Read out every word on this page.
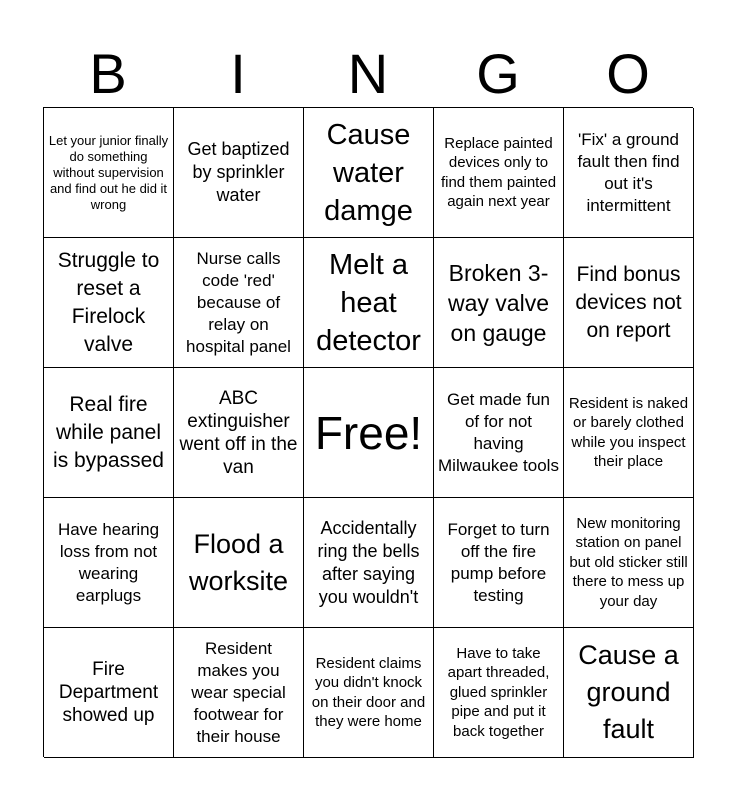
B	I	N	G	O
Let your junior finally do something without supervision and find out he did it wrong
Get baptized by sprinkler water
Cause water damge
Replace painted devices only to find them painted again next year
'Fix' a ground fault then find out it's intermittent
Struggle to reset a Firelock valve
Nurse calls code 'red' because of relay on hospital panel
Melt a heat detector
Broken 3-way valve on gauge
Find bonus devices not on report
Real fire while panel is bypassed
ABC extinguisher went off in the van
Free!
Get made fun of for not having Milwaukee tools
Resident is naked or barely clothed while you inspect their place
Have hearing loss from not wearing earplugs
Flood a worksite
Accidentally ring the bells after saying you wouldn't
Forget to turn off the fire pump before testing
New monitoring station on panel but old sticker still there to mess up your day
Fire Department showed up
Resident makes you wear special footwear for their house
Resident claims you didn't knock on their door and they were home
Have to take apart threaded, glued sprinkler pipe and put it back together
Cause a ground fault
